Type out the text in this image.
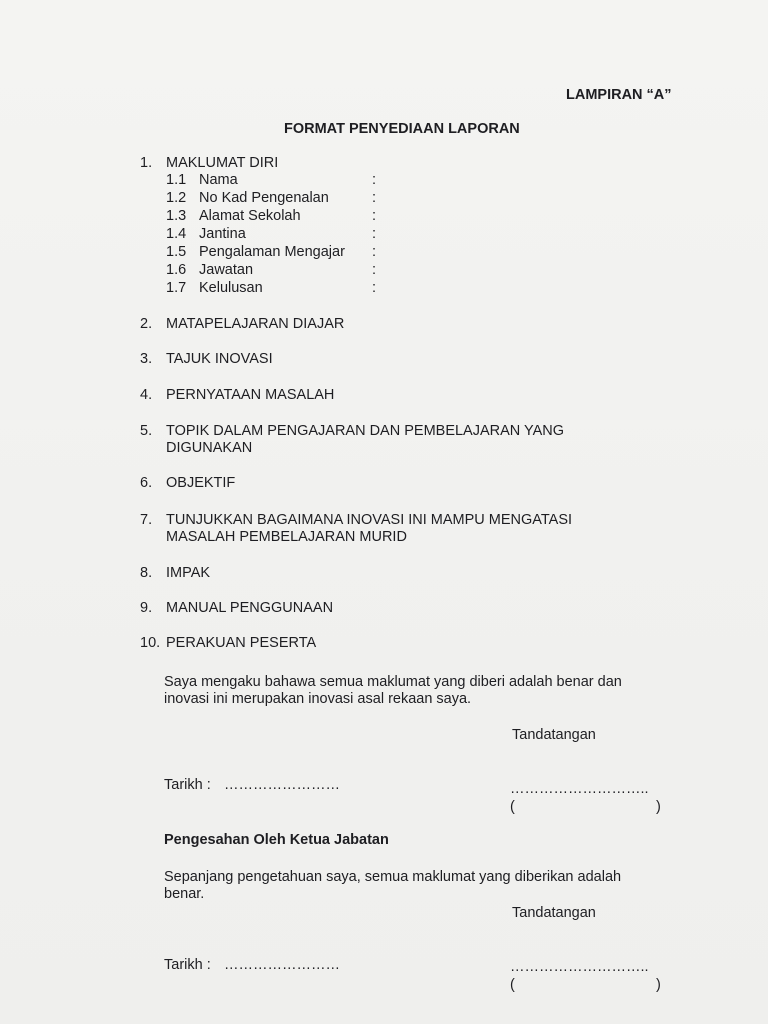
LAMPIRAN “A”
FORMAT PENYEDIAAN LAPORAN
1. MAKLUMAT DIRI
1.1 Nama	:
1.2 No Kad Pengenalan	:
1.3 Alamat Sekolah	:
1.4 Jantina	:
1.5 Pengalaman Mengajar :
1.6 Jawatan	:
1.7 Kelulusan	:
2. MATAPELAJARAN DIAJAR
3. TAJUK INOVASI
4. PERNYATAAN MASALAH
5. TOPIK DALAM PENGAJARAN DAN PEMBELAJARAN YANG
DIGUNAKAN
6. OBJEKTIF
7. TUNJUKKAN BAGAIMANA INOVASI INI MAMPU MENGATASI
MASALAH PEMBELAJARAN MURID
8. IMPAK
9. MANUAL PENGGUNAAN
10. PERAKUAN PESERTA
Saya mengaku bahawa semua maklumat yang diberi adalah benar dan
inovasi ini merupakan inovasi asal rekaan saya.
Tandatangan
Tarikh : ……………………	………………………..
(	)
Pengesahan Oleh Ketua Jabatan
Sepanjang pengetahuan saya, semua maklumat yang diberikan adalah
benar.
Tandatangan
Tarikh : ……………………	………………………..
(	)
